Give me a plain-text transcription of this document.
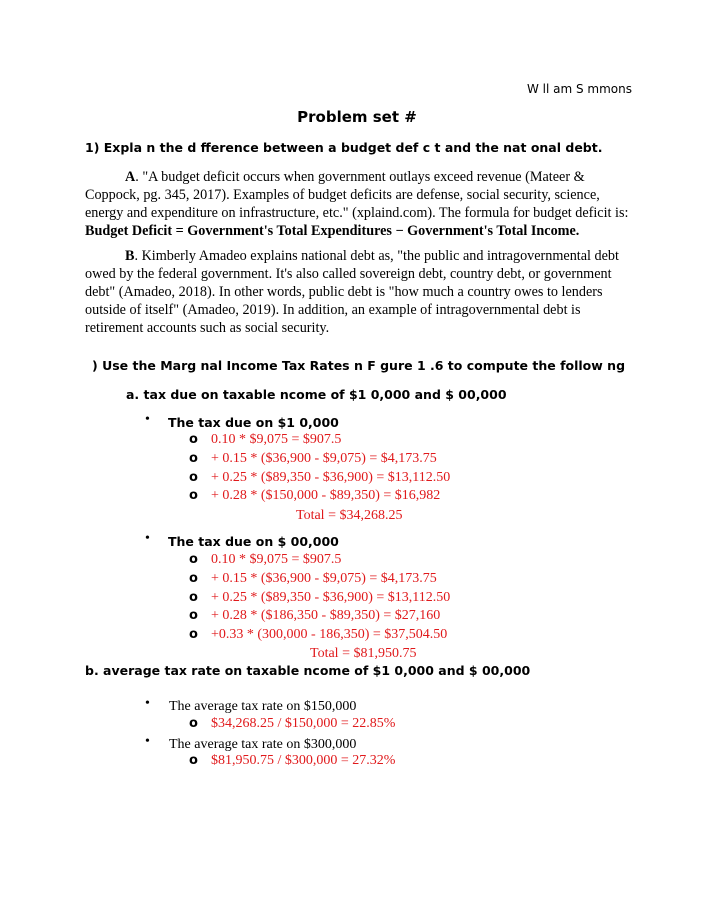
W ll am S mmons
Problem set #
1) Expla n the d fference between a budget def c t and the nat onal debt.
A. "A budget deficit occurs when government outlays exceed revenue (Mateer & Coppock, pg. 345, 2017). Examples of budget deficits are defense, social security, science, energy and expenditure on infrastructure, etc." (xplaind.com). The formula for budget deficit is: Budget Deficit = Government's Total Expenditures − Government's Total Income.
B. Kimberly Amadeo explains national debt as, "the public and intragovernmental debt owed by the federal government. It's also called sovereign debt, country debt, or government debt" (Amadeo, 2018). In other words, public debt is "how much a country owes to lenders outside of itself" (Amadeo, 2019). In addition, an example of intragovernmental debt is retirement accounts such as social security.
) Use the Marg nal Income Tax Rates n F gure 1 .6 to compute the follow ng
a. tax due on taxable ncome of $1 0,000 and $ 00,000
• The tax due on $1 0,000
o 0.10 * $9,075 = $907.5
o + 0.15 * ($36,900 - $9,075) = $4,173.75
o + 0.25 * ($89,350 - $36,900) = $13,112.50
o + 0.28 * ($150,000 - $89,350) = $16,982
Total = $34,268.25
• The tax due on $ 00,000
o 0.10 * $9,075 = $907.5
o + 0.15 * ($36,900 - $9,075) = $4,173.75
o + 0.25 * ($89,350 - $36,900) = $13,112.50
o + 0.28 * ($186,350 - $89,350) = $27,160
o +0.33 * (300,000 - 186,350) = $37,504.50
Total = $81,950.75
b. average tax rate on taxable ncome of $1 0,000 and $ 00,000
• The average tax rate on $150,000
o $34,268.25 / $150,000 = 22.85%
• The average tax rate on $300,000
o $81,950.75 / $300,000 = 27.32%
